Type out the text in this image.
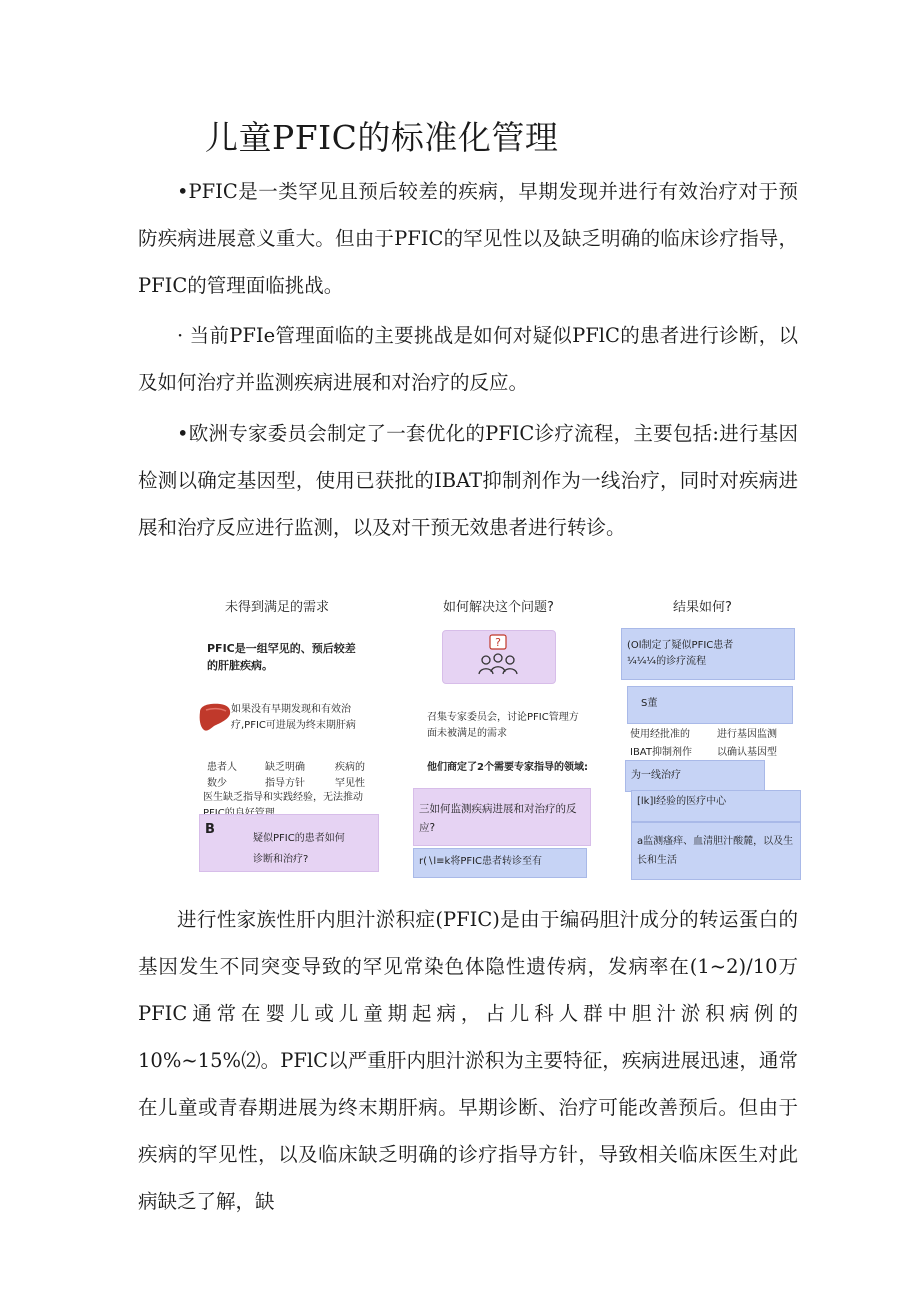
儿童PFIC的标准化管理

•PFIC是一类罕见且预后较差的疾病，早期发现并进行有效治疗对于预防疾病进展意义重大。但由于PFIC的罕见性以及缺乏明确的临床诊疗指导，PFIC的管理面临挑战。

· 当前PFIe管理面临的主要挑战是如何对疑似PFlC的患者进行诊断，以及如何治疗并监测疾病进展和对治疗的反应。

•欧洲专家委员会制定了一套优化的PFIC诊疗流程，主要包括:进行基因检测以确定基因型，使用已获批的IBAT抑制剂作为一线治疗，同时对疾病进展和治疗反应进行监测，以及对干预无效患者进行转诊。

未得到满足的需求
PFIC是一组罕见的、预后较差
的肝脏疾病。
如果没有早期发现和有效治
疗,PFIC可进展为终末期肝病
患者人
数少
缺乏明确
指导方针
疾病的
罕见性
医生缺乏指导和实践经验，无法推动
B
疑似PFIC的患者如何
诊断和治疗?
如何解决这个问题?
?
召集专家委员会，讨论PFIC管理方
面未被满足的需求
他们商定了2个需要专家指导的领域:
三如何监测疾病进展和对治疗的反
应?
r(∖l≡k将PFIC患者转诊至有
结果如何?
(Ol制定了疑似PFIC患者
¼¼¼的诊疗流程
S董
使用经批准的
IBAT抑制剂作
进行基因监测
以确认基因型
为一线治疗
[lk]l经验的医疗中心
a监测瘙痒、血清胆汁酸麓，以及生
长和生活

进行性家族性肝内胆汁淤积症(PFIC)是由于编码胆汁成分的转运蛋白的基因发生不同突变导致的罕见常染色体隐性遗传病，发病率在(1~2)/10万PFIC通常在婴儿或儿童期起病，占儿科人群中胆汁淤积病例的10%~15%⑵。PFlC以严重肝内胆汁淤积为主要特征，疾病进展迅速，通常在儿童或青春期进展为终末期肝病。早期诊断、治疗可能改善预后。但由于疾病的罕见性，以及临床缺乏明确的诊疗指导方针，导致相关临床医生对此病缺乏了解，缺
